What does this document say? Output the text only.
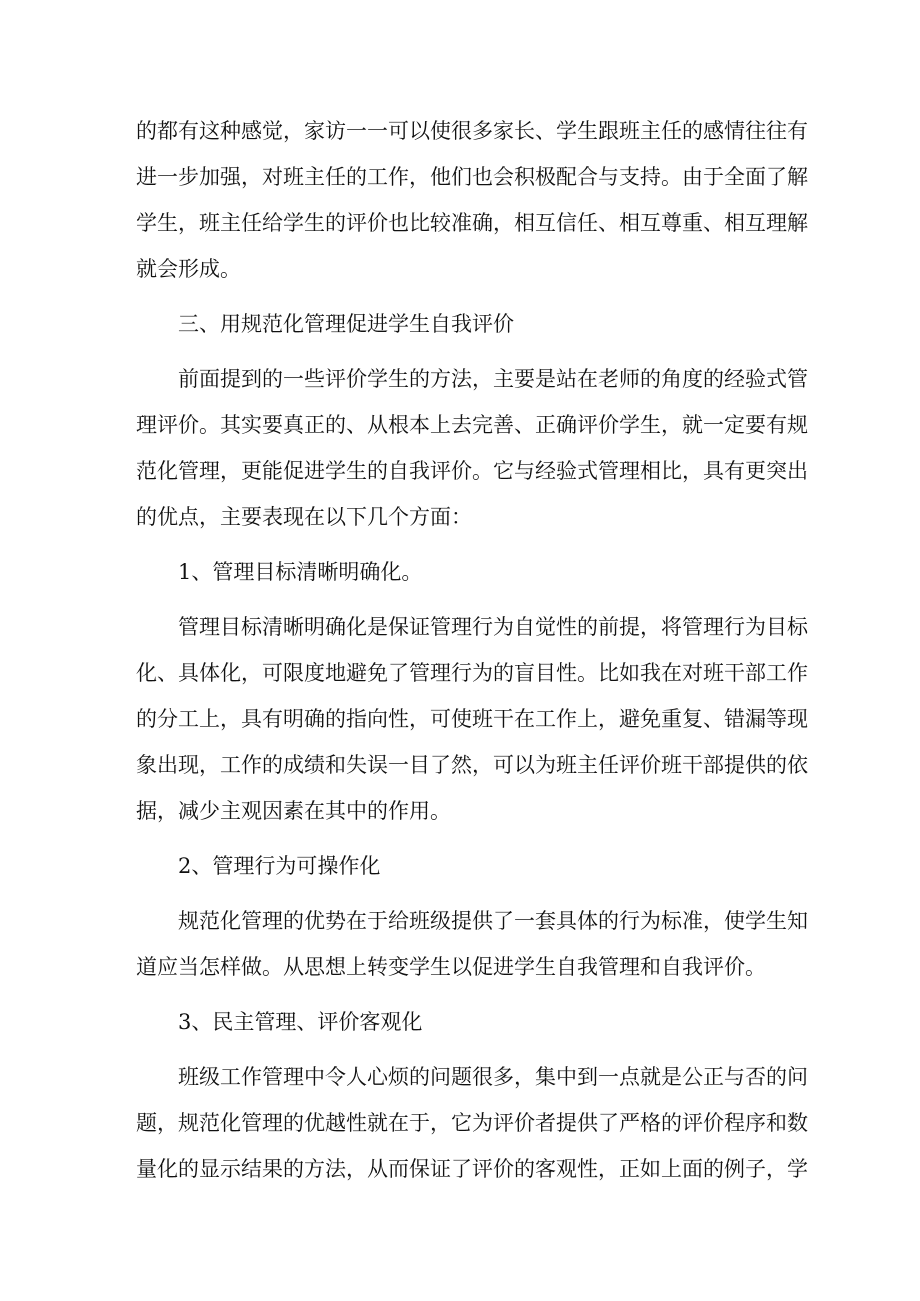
的都有这种感觉，家访一一可以使很多家长、学生跟班主任的感情往往有
进一步加强，对班主任的工作，他们也会积极配合与支持。由于全面了解
学生，班主任给学生的评价也比较准确，相互信任、相互尊重、相互理解
就会形成。
三、用规范化管理促进学生自我评价
前面提到的一些评价学生的方法，主要是站在老师的角度的经验式管
理评价。其实要真正的、从根本上去完善、正确评价学生，就一定要有规
范化管理，更能促进学生的自我评价。它与经验式管理相比，具有更突出
的优点，主要表现在以下几个方面：
1、管理目标清晰明确化。
管理目标清晰明确化是保证管理行为自觉性的前提，将管理行为目标
化、具体化，可限度地避免了管理行为的盲目性。比如我在对班干部工作
的分工上，具有明确的指向性，可使班干在工作上，避免重复、错漏等现
象出现，工作的成绩和失误一目了然，可以为班主任评价班干部提供的依
据，减少主观因素在其中的作用。
2、管理行为可操作化
规范化管理的优势在于给班级提供了一套具体的行为标准，使学生知
道应当怎样做。从思想上转变学生以促进学生自我管理和自我评价。
3、民主管理、评价客观化
班级工作管理中令人心烦的问题很多，集中到一点就是公正与否的问
题，规范化管理的优越性就在于，它为评价者提供了严格的评价程序和数
量化的显示结果的方法，从而保证了评价的客观性，正如上面的例子，学
